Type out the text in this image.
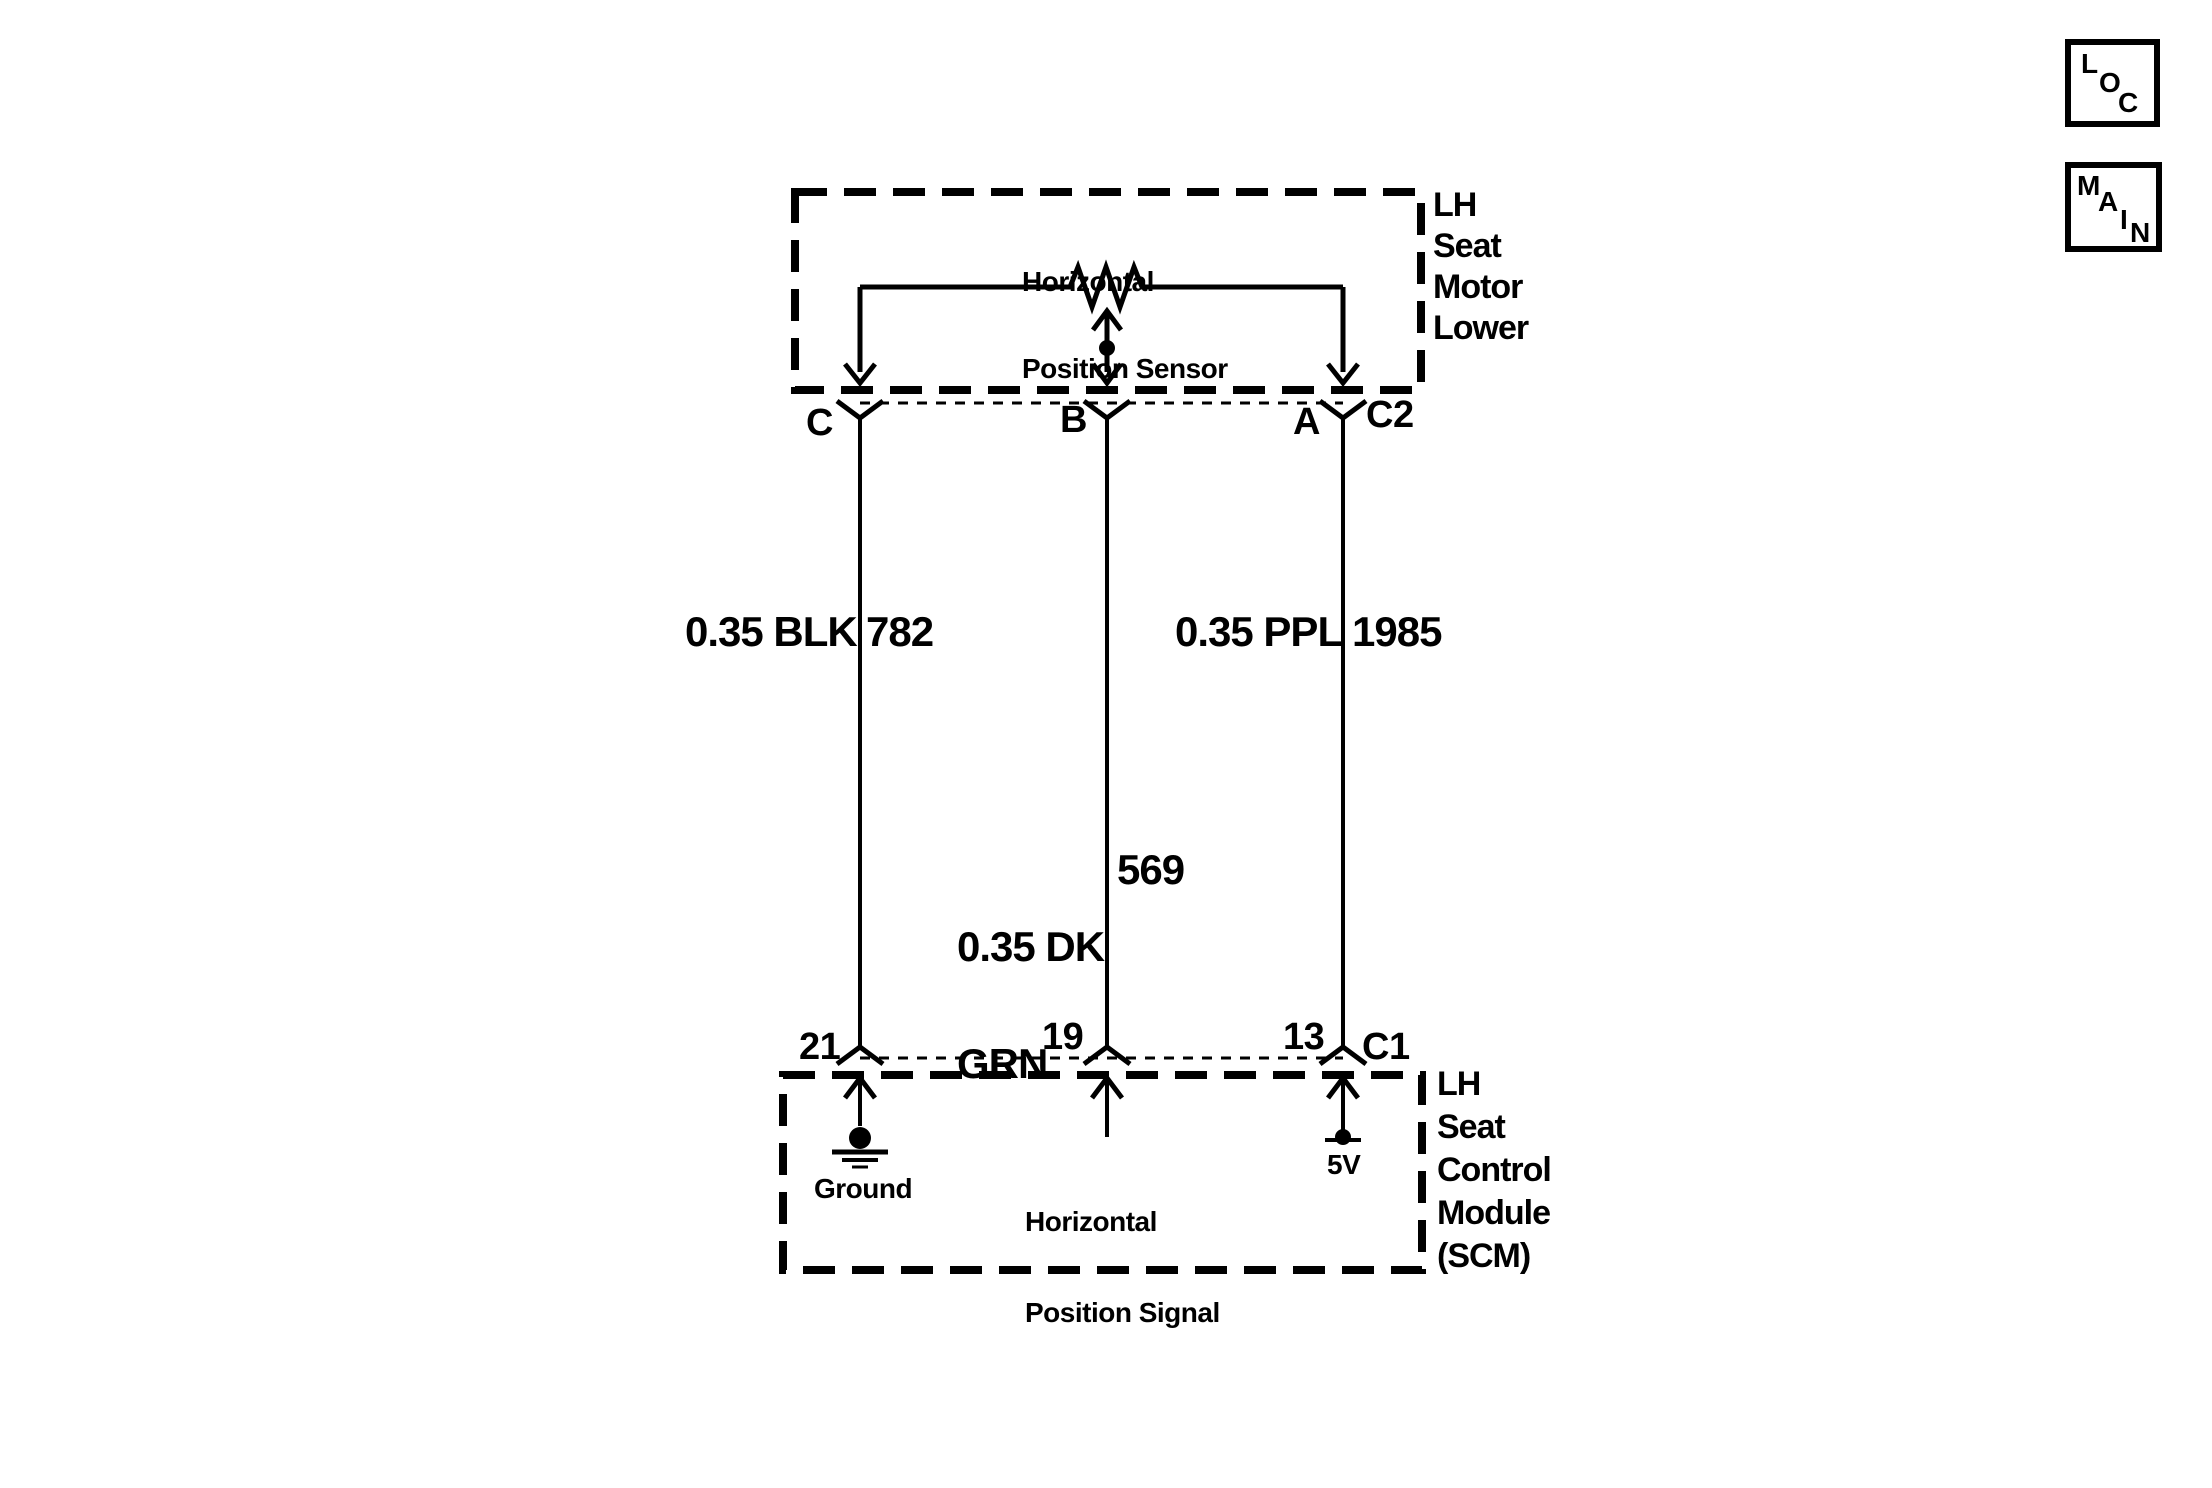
Horizontal

Position Sensor

LH
Seat
Motor
Lower
C	B	A C2
0.35 BLK 782	0.35 PPL 1985

0.35 DK

GRN

569
21	19	13 C1
Ground

Horizontal

Position Signal

5V
LH
Seat
Control
Module
(SCM)
L
O
C
M
A
I N
